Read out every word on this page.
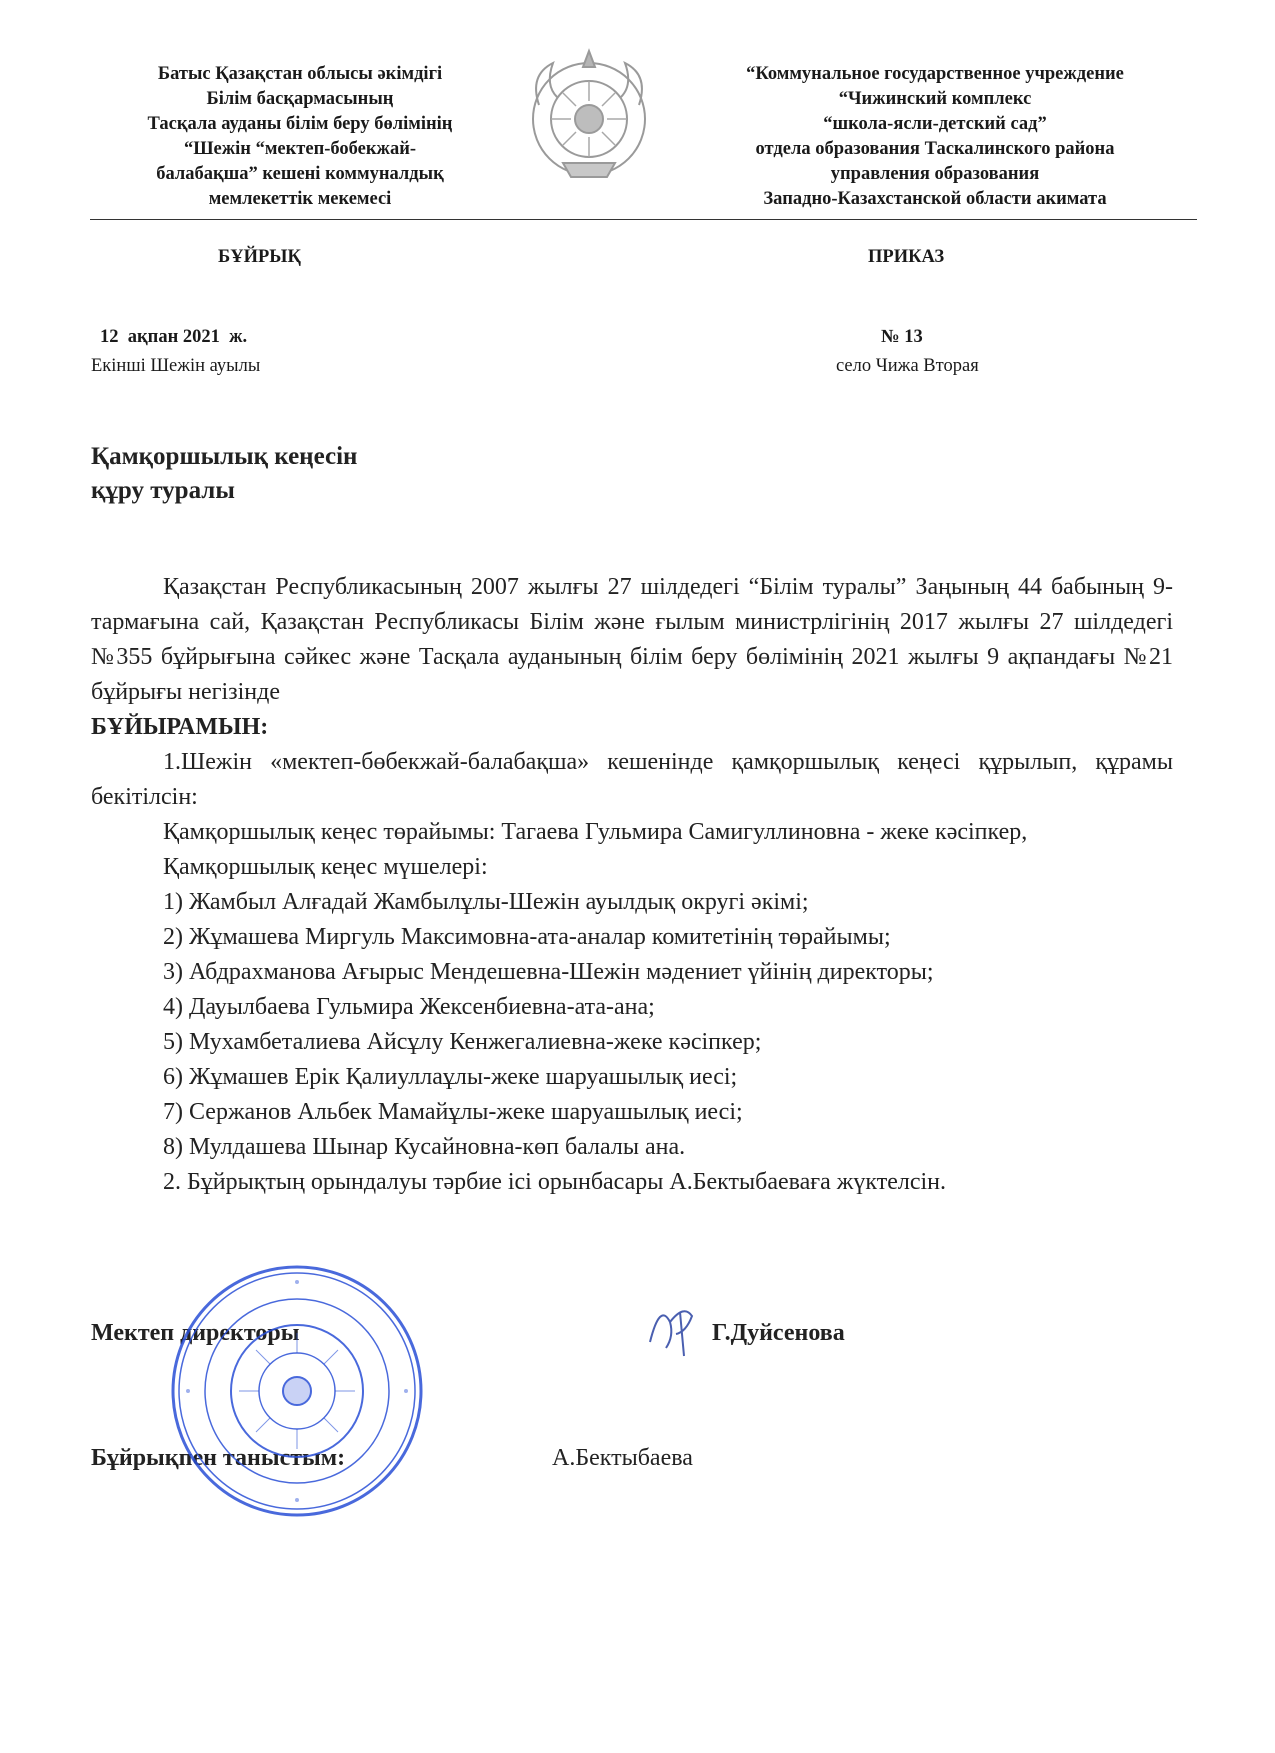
Батыс Қазақстан облысы әкімдігі
Білім басқармасының
Тасқала ауданы білім беру бөлімінің
“Шежін “мектеп-бобекжай-
балабақша” кешені коммуналдық
мемлекеттік мекемесі
“Коммунальное государственное учреждение
“Чижинский комплекс
“школа-ясли-детский сад”
отдела образования Таскалинского района
управления образования
Западно-Казахстанской области акимата
БҰЙРЫҚ	ПРИКАЗ
12  ақпан 2021  ж.	№ 13
Екінші Шежін ауылы	село Чижа Вторая
Қамқоршылық кеңесін
құру туралы

Қазақстан Республикасының 2007 жылғы 27 шілдедегі “Білім туралы” Заңының 44 бабының 9-тармағына сай, Қазақстан Республикасы Білім және ғылым министрлігінің 2017 жылғы 27 шілдедегі №355 бұйрығына сәйкес және Тасқала ауданының білім беру бөлімінің 2021 жылғы 9 ақпандағы №21 бұйрығы негізінде
БҰЙЫРАМЫН:

1.Шежін «мектеп-бөбекжай-балабақша» кешенінде қамқоршылық кеңесі құрылып, құрамы бекітілсін:

Қамқоршылық кеңес төрайымы: Тагаева Гульмира Самигуллиновна - жеке кәсіпкер,

Қамқоршылық кеңес мүшелері:

1) Жамбыл Алғадай Жамбылұлы-Шежін ауылдық округі әкімі;

2) Жұмашева Миргуль Максимовна-ата-аналар комитетінің төрайымы;

3) Абдрахманова Ағырыс Мендешевна-Шежін мәдениет үйінің директоры;

4) Дауылбаева Гульмира Жексенбиевна-ата-ана;

5) Мухамбеталиева Айсұлу Кенжегалиевна-жеке кәсіпкер;

6) Жұмашев Ерік Қалиуллаұлы-жеке шаруашылық иесі;

7) Сержанов Альбек Мамайұлы-жеке шаруашылық иесі;

8) Мулдашева Шынар Кусайновна-көп балалы ана.

2. Бұйрықтың орындалуы тәрбие ісі орынбасары А.Бектыбаеваға жүктелсін.

Мектеп директоры	Г.Дуйсенова
Бұйрықпен таныстым:	А.Бектыбаева
